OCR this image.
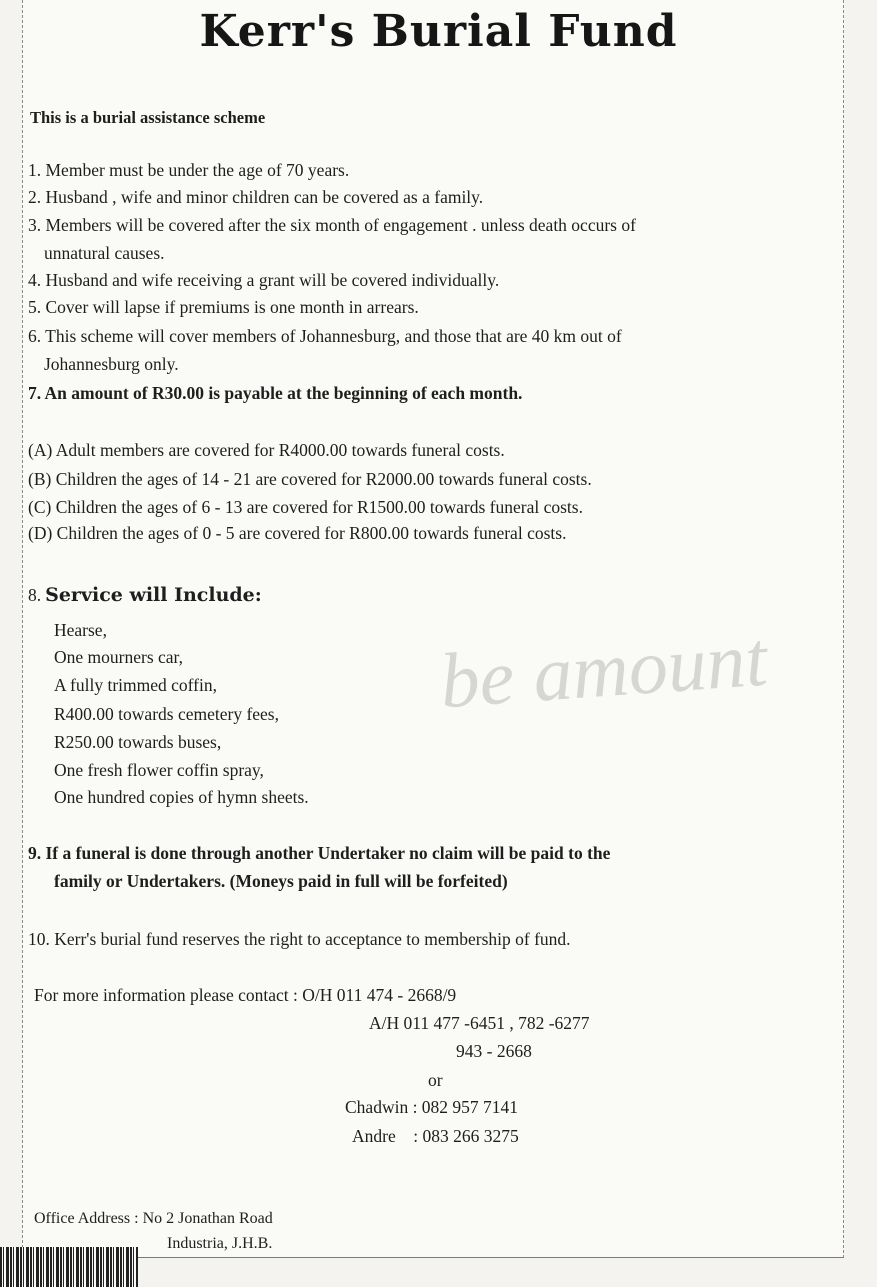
be amount
Kerr's Burial Fund
This is a burial assistance scheme
1. Member must be under the age of 70 years.
2. Husband , wife and minor children can be covered as a family.
3. Members will be covered after the six month of engagement . unless death occurs of
unnatural causes.
4. Husband and wife receiving a grant will be covered individually.
5. Cover will lapse if premiums is one month in arrears.
6. This scheme will cover members of Johannesburg, and those that are 40 km out of
Johannesburg only.
7. An amount of R30.00 is payable at the beginning of each month.
(A) Adult members are covered for R4000.00 towards funeral costs.
(B) Children the ages of 14 - 21 are covered for R2000.00 towards funeral costs.
(C) Children the ages of 6 - 13 are covered for R1500.00 towards funeral costs.
(D) Children the ages of 0 - 5 are covered for R800.00 towards funeral costs.
8. Service will Include:
Hearse,
One mourners car,
A fully trimmed coffin,
R400.00 towards cemetery fees,
R250.00 towards buses,
One fresh flower coffin spray,
One hundred copies of hymn sheets.
9. If a funeral is done through another Undertaker no claim will be paid to the
family or Undertakers. (Moneys paid in full will be forfeited)
10. Kerr's burial fund reserves the right to acceptance to membership of fund.
For more information please contact : O/H 011 474 - 2668/9
A/H 011 477 -6451 , 782 -6277
943 - 2668
or
Chadwin : 082 957 7141
Andre    : 083 266 3275
Office Address : No 2 Jonathan Road
Industria, J.H.B.
